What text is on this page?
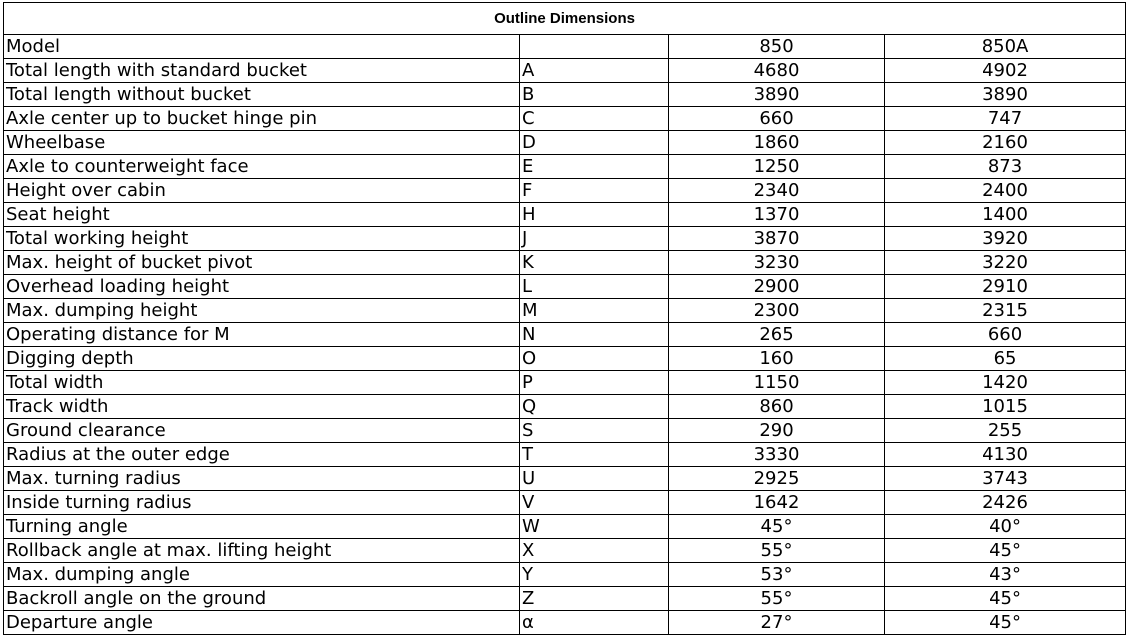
Outline Dimensions			
Model		850	850A
Total length with standard bucket	A	4680	4902
Total length without bucket	B	3890	3890
Axle center up to bucket hinge pin	C	660	747
Wheelbase	D	1860	2160
Axle to counterweight face	E	1250	873
Height over cabin	F	2340	2400
Seat height	H	1370	1400
Total working height	J	3870	3920
Max. height of bucket pivot	K	3230	3220
Overhead loading height	L	2900	2910
Max. dumping height	M	2300	2315
Operating distance for M	N	265	660
Digging depth	O	160	65
Total width	P	1150	1420
Track width	Q	860	1015
Ground clearance	S	290	255
Radius at the outer edge	T	3330	4130
Max. turning radius	U	2925	3743
Inside turning radius	V	1642	2426
Turning angle	W	45°	40°
Rollback angle at max. lifting height	X	55°	45°
Max. dumping angle	Y	53°	43°
Backroll angle on the ground	Z	55°	45°
Departure angle	α	27°	45°
